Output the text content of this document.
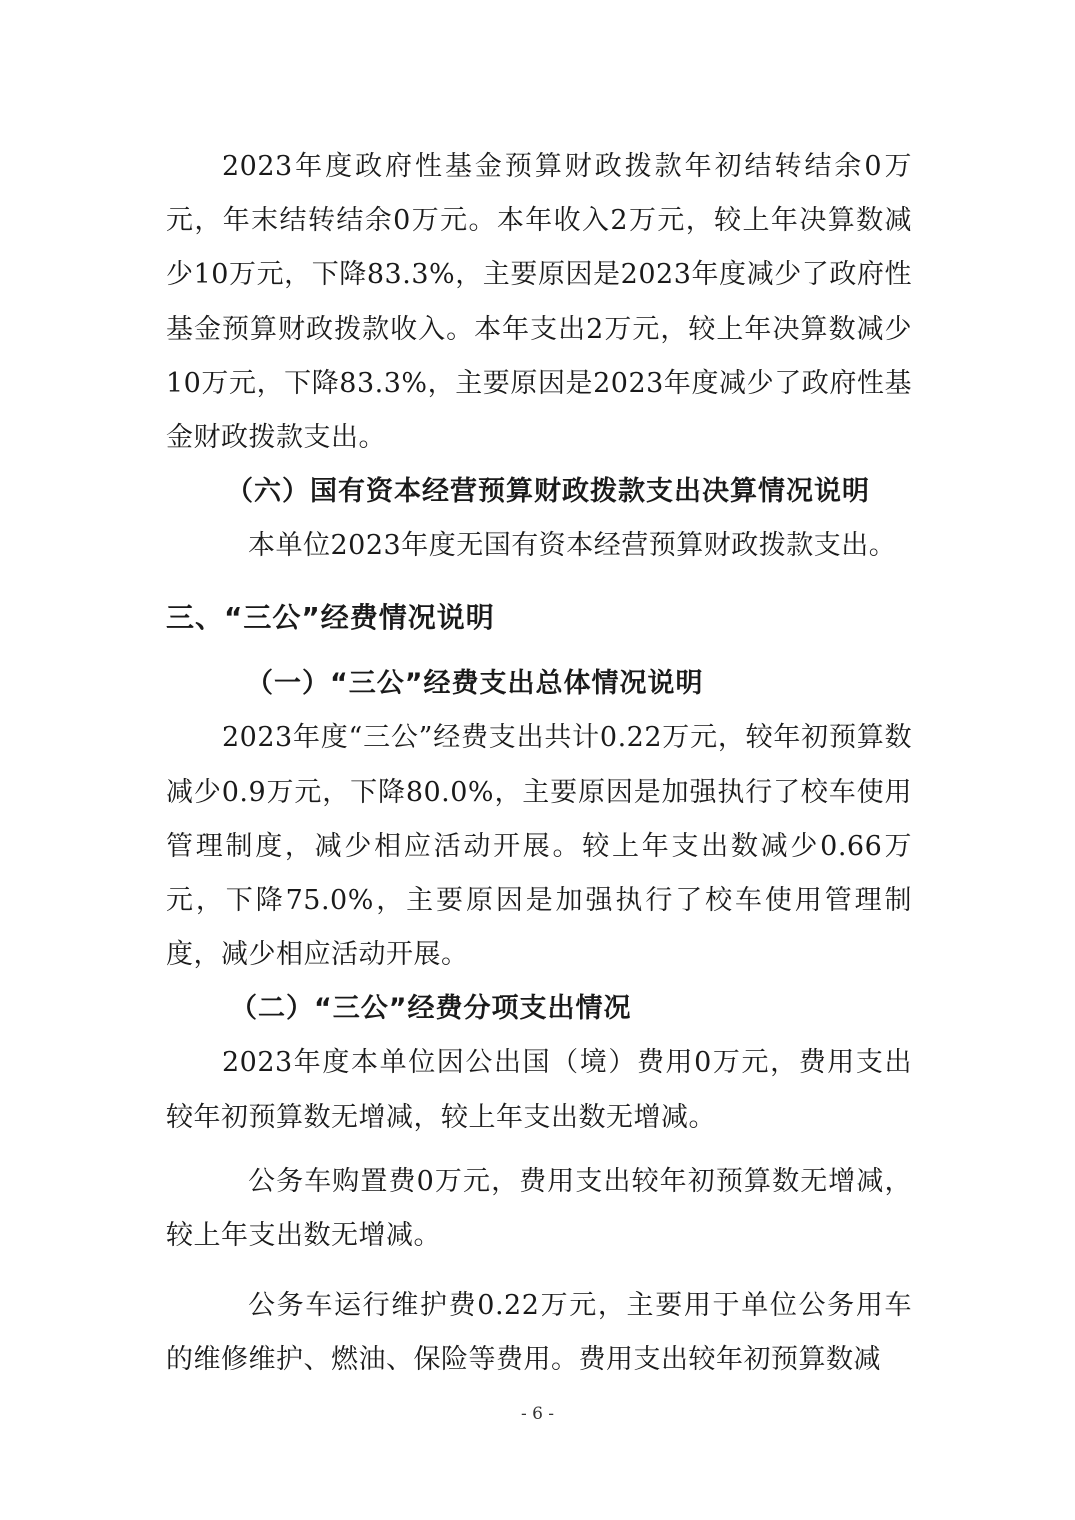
2023年度政府性基金预算财政拨款年初结转结余0万元，年末结转结余0万元。本年收入2万元，较上年决算数减少10万元，下降83.3%，主要原因是2023年度减少了政府性基金预算财政拨款收入。本年支出2万元，较上年决算数减少10万元，下降83.3%，主要原因是2023年度减少了政府性基金财政拨款支出。

（六）国有资本经营预算财政拨款支出决算情况说明

本单位2023年度无国有资本经营预算财政拨款支出。

三、“三公”经费情况说明

（一）“三公”经费支出总体情况说明

2023年度“三公”经费支出共计0.22万元，较年初预算数减少0.9万元，下降80.0%，主要原因是加强执行了校车使用管理制度，减少相应活动开展。较上年支出数减少0.66万元，下降75.0%，主要原因是加强执行了校车使用管理制度，减少相应活动开展。

（二）“三公”经费分项支出情况

2023年度本单位因公出国（境）费用0万元，费用支出较年初预算数无增减，较上年支出数无增减。

公务车购置费0万元，费用支出较年初预算数无增减，较上年支出数无增减。

公务车运行维护费0.22万元，主要用于单位公务用车的维修维护、燃油、保险等费用。费用支出较年初预算数减

- 6 -
